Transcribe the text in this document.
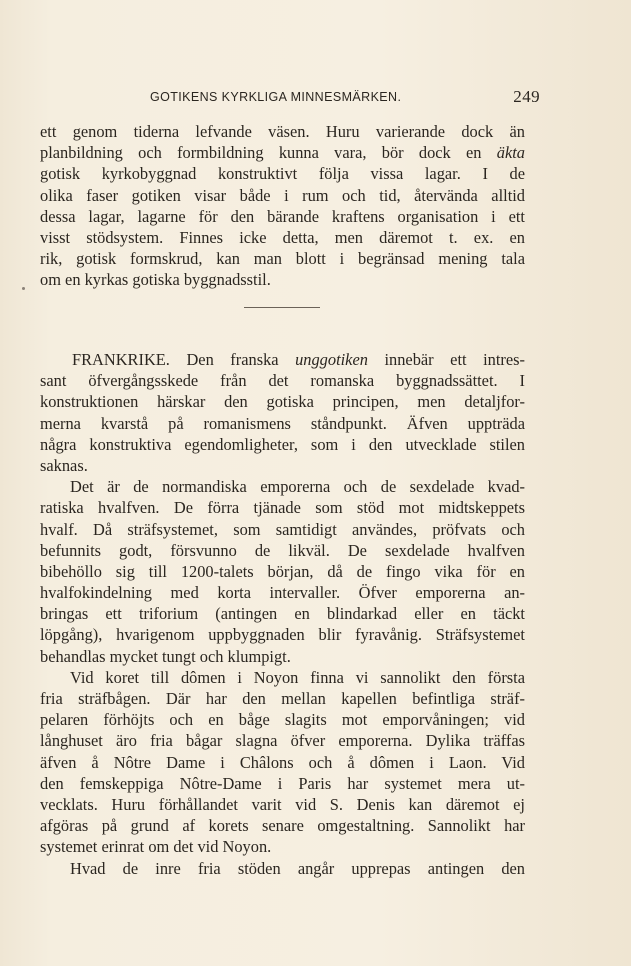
GOTIKENS KYRKLIGA MINNESMÄRKEN.	249
ett genom tiderna lefvande väsen. Huru varierande dock än
planbildning och formbildning kunna vara, bör dock en äkta
gotisk kyrkobyggnad konstruktivt följa vissa lagar. I de
olika faser gotiken visar både i rum och tid, återvända alltid
dessa lagar, lagarne för den bärande kraftens organisation i ett
visst stödsystem. Finnes icke detta, men däremot t. ex. en
rik, gotisk formskrud, kan man blott i begränsad mening tala
om en kyrkas gotiska byggnadsstil.
FRANKRIKE. Den franska unggotiken innebär ett intres-
sant öfvergångsskede från det romanska byggnadssättet. I
konstruktionen härskar den gotiska principen, men detaljfor-
merna kvarstå på romanismens ståndpunkt. Äfven uppträda
några konstruktiva egendomligheter, som i den utvecklade stilen
saknas.
Det är de normandiska emporerna och de sexdelade kvad-
ratiska hvalfven. De förra tjänade som stöd mot midtskeppets
hvalf. Då sträfsystemet, som samtidigt användes, pröfvats och
befunnits godt, försvunno de likväl. De sexdelade hvalfven
bibehöllo sig till 1200-talets början, då de fingo vika för en
hvalfokindelning med korta intervaller. Öfver emporerna an-
bringas ett triforium (antingen en blindarkad eller en täckt
löpgång), hvarigenom uppbyggnaden blir fyravånig. Sträfsystemet
behandlas mycket tungt och klumpigt.
Vid koret till dômen i Noyon finna vi sannolikt den första
fria sträfbågen. Där har den mellan kapellen befintliga sträf-
pelaren förhöjts och en båge slagits mot emporvåningen; vid
långhuset äro fria bågar slagna öfver emporerna. Dylika träffas
äfven å Nôtre Dame i Châlons och å dômen i Laon. Vid
den femskeppiga Nôtre-Dame i Paris har systemet mera ut-
vecklats. Huru förhållandet varit vid S. Denis kan däremot ej
afgöras på grund af korets senare omgestaltning. Sannolikt har
systemet erinrat om det vid Noyon.
Hvad de inre fria stöden angår upprepas antingen den
